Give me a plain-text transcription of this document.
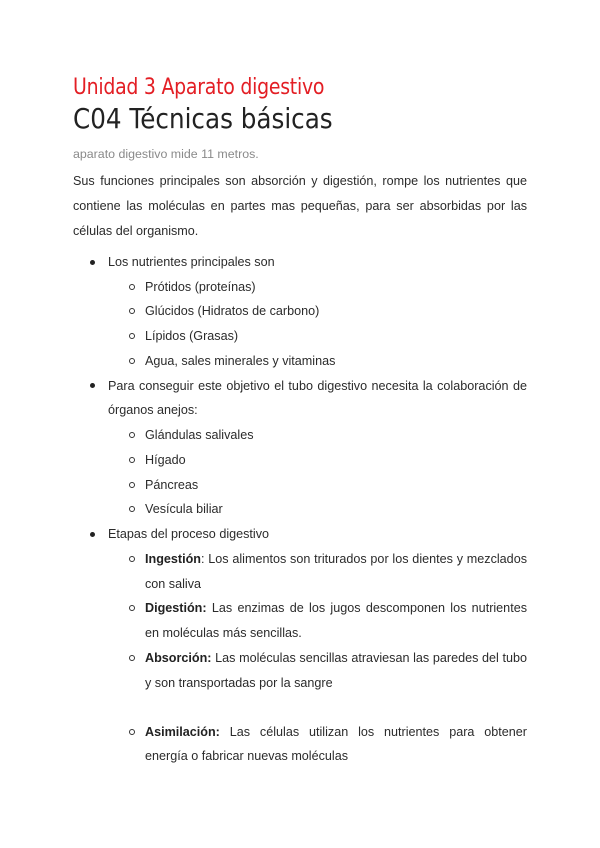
Unidad 3 Aparato digestivo
C04 Técnicas básicas
aparato digestivo mide 11 metros.
Sus funciones principales son absorción y digestión, rompe los nutrientes que contiene las moléculas en partes mas pequeñas, para ser absorbidas por las células del organismo.
Los nutrientes principales son
Prótidos (proteínas)
Glúcidos (Hidratos de carbono)
Lípidos (Grasas)
Agua, sales minerales y vitaminas
Para conseguir este objetivo el tubo digestivo necesita la colaboración de órganos anejos:
Glándulas salivales
Hígado
Páncreas
Vesícula biliar
Etapas del proceso digestivo
Ingestión: Los alimentos son triturados por los dientes y mezclados con saliva
Digestión: Las enzimas de los jugos descomponen los nutrientes en moléculas más sencillas.
Absorción: Las moléculas sencillas atraviesan las paredes del tubo y son transportadas por la sangre
Asimilación: Las células utilizan los nutrientes para obtener energía o fabricar nuevas moléculas
